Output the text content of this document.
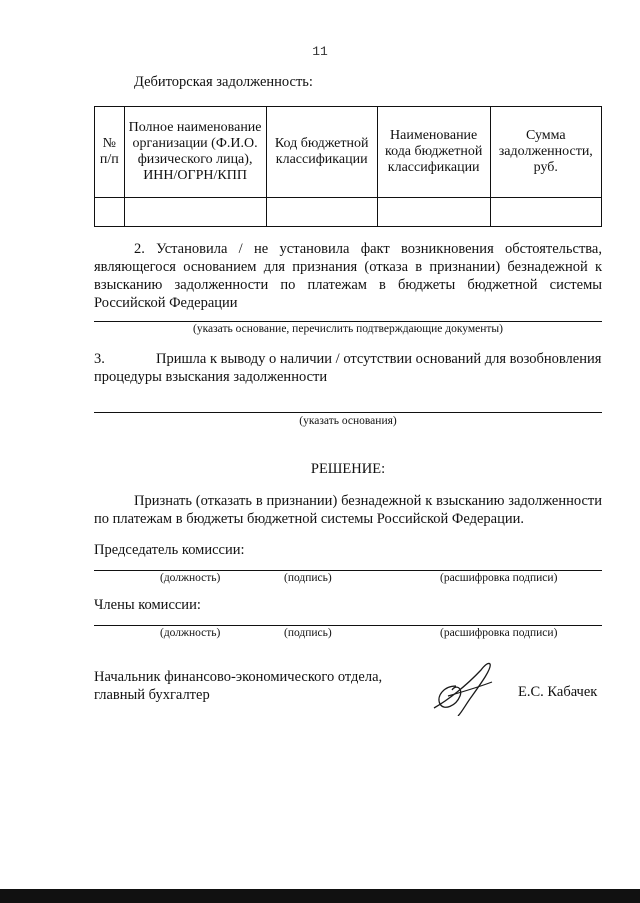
11
Дебиторская задолженность:
№ п/п	Полное наименование организации (Ф.И.О. физического лица), ИНН/ОГРН/КПП	Код бюджетной классификации	Наименование кода бюджетной классификации	Сумма задолженности, руб.

2. Установила / не установила факт возникновения обстоятельства, являющегося основанием для признания (отказа в признании) безнадежной к взысканию задолженности по платежам в бюджеты бюджетной системы Российской Федерации
(указать основание, перечислить подтверждающие документы)
3.	Пришла к выводу о наличии / отсутствии оснований для возобновления
процедуры взыскания задолженности
(указать основания)
РЕШЕНИЕ:
Признать (отказать в признании) безнадежной к взысканию задолженности по платежам в бюджеты бюджетной системы Российской Федерации.
Председатель комиссии:
(должность)	(подпись)	(расшифровка подписи)
Члены комиссии:
(должность)	(подпись)	(расшифровка подписи)
Начальник финансово-экономического отдела,
главный бухгалтер	Е.С. Кабачек
